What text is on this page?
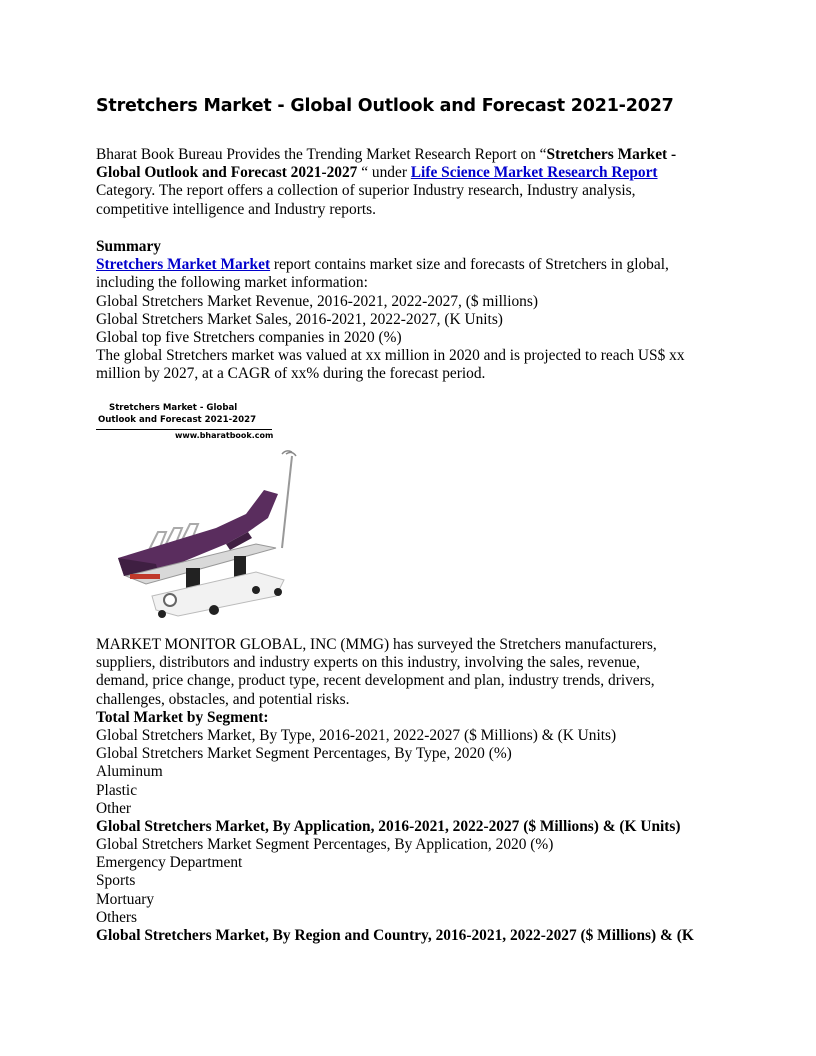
Stretchers Market - Global Outlook and Forecast 2021-2027
Bharat Book Bureau Provides the Trending Market Research Report on “Stretchers Market -
Global Outlook and Forecast 2021-2027 “ under Life Science Market Research Report
Category. The report offers a collection of superior Industry research, Industry analysis,
competitive intelligence and Industry reports.
Summary
Stretchers Market Market report contains market size and forecasts of Stretchers in global,
including the following market information:
Global Stretchers Market Revenue, 2016-2021, 2022-2027, ($ millions)
Global Stretchers Market Sales, 2016-2021, 2022-2027, (K Units)
Global top five Stretchers companies in 2020 (%)
The global Stretchers market was valued at xx million in 2020 and is projected to reach US$ xx
million by 2027, at a CAGR of xx% during the forecast period.
Stretchers Market - Global
Outlook and Forecast 2021-2027
www.bharatbook.com
MARKET MONITOR GLOBAL, INC (MMG) has surveyed the Stretchers manufacturers,
suppliers, distributors and industry experts on this industry, involving the sales, revenue,
demand, price change, product type, recent development and plan, industry trends, drivers,
challenges, obstacles, and potential risks.
Total Market by Segment:
Global Stretchers Market, By Type, 2016-2021, 2022-2027 ($ Millions) & (K Units)
Global Stretchers Market Segment Percentages, By Type, 2020 (%)
Aluminum
Plastic
Other
Global Stretchers Market, By Application, 2016-2021, 2022-2027 ($ Millions) & (K Units)
Global Stretchers Market Segment Percentages, By Application, 2020 (%)
Emergency Department
Sports
Mortuary
Others
Global Stretchers Market, By Region and Country, 2016-2021, 2022-2027 ($ Millions) & (K
